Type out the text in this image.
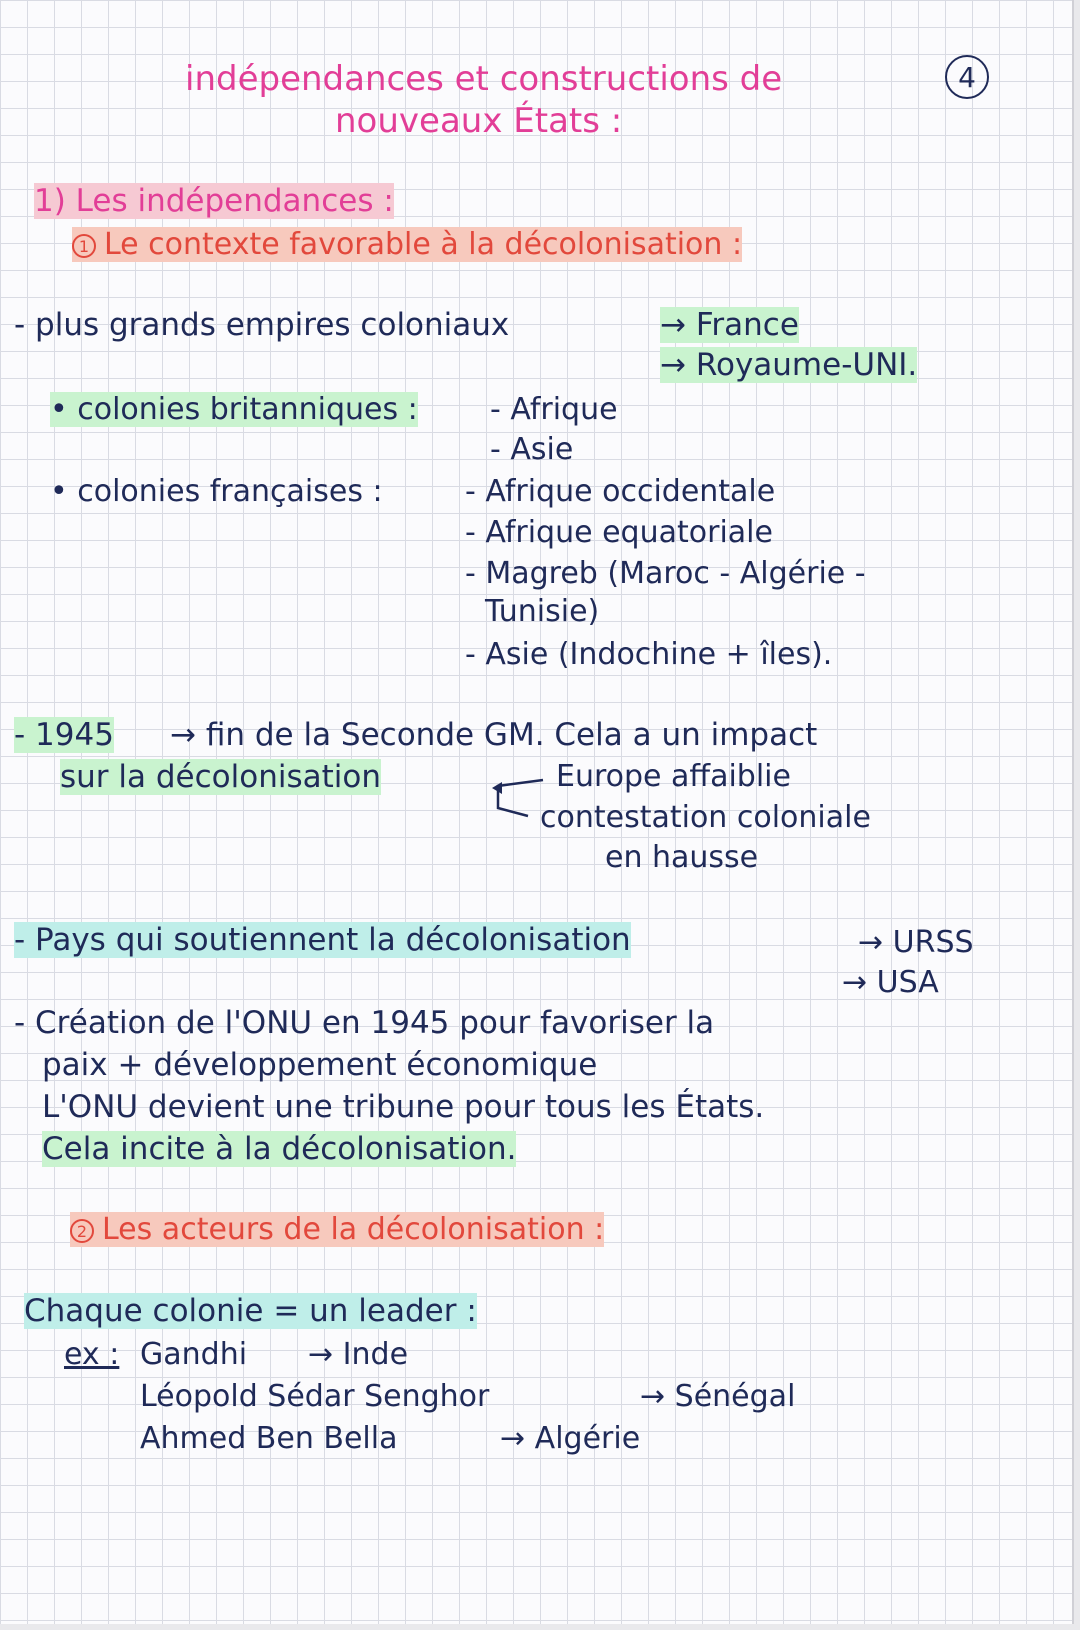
indépendances et constructions de
nouveaux États :
4
1) Les indépendances :
1 Le contexte favorable à la décolonisation :
- plus grands empires coloniaux	→ France
→ Royaume-UNI.
• colonies britanniques : - Afrique
- Asie
• colonies françaises :	- Afrique occidentale
- Afrique equatoriale
- Magreb (Maroc - Algérie -
Tunisie)
- Asie (Indochine + îles).
- 1945 → fin de la Seconde GM. Cela a un impact
sur la décolonisation	Europe affaiblie
contestation coloniale
en hausse
- Pays qui soutiennent la décolonisation	→ URSS
→ USA
- Création de l'ONU en 1945 pour favoriser la
paix + développement économique
L'ONU devient une tribune pour tous les États.
Cela incite à la décolonisation.
2 Les acteurs de la décolonisation :
Chaque colonie = un leader :
ex : Gandhi → Inde
Léopold Sédar Senghor	→ Sénégal
Ahmed Ben Bella	→ Algérie
